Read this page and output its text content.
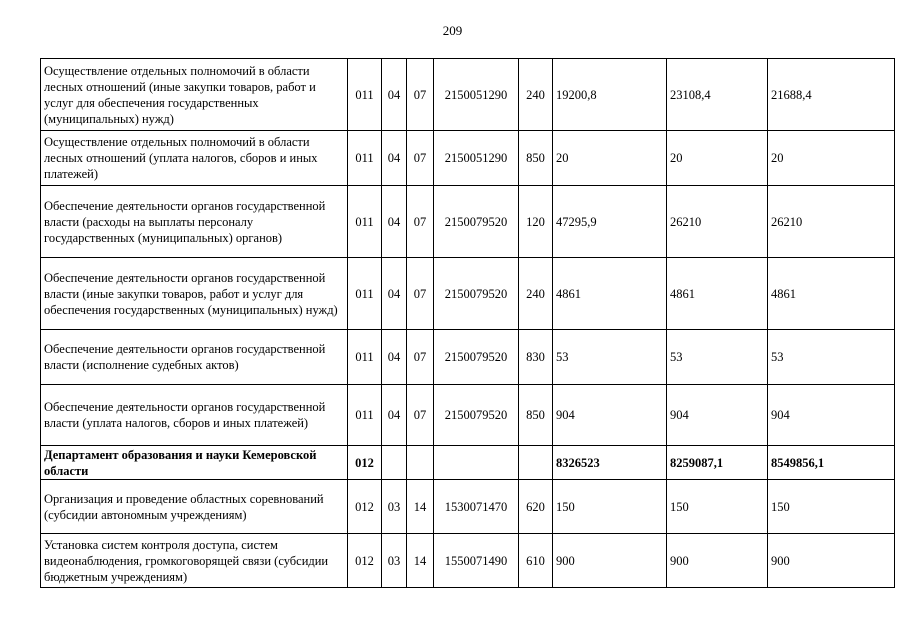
209
Осуществление отдельных полномочий в области лесных отношений (иные закупки товаров, работ и услуг для обеспечения государственных (муниципальных) нужд)	011	04	07	2150051290	240	19200,8	23108,4	21688,4
Осуществление отдельных полномочий в области лесных отношений (уплата налогов, сборов и иных платежей)	011	04	07	2150051290	850	20	20	20
Обеспечение деятельности органов государственной власти (расходы на выплаты персоналу государственных (муниципальных) органов)	011	04	07	2150079520	120	47295,9	26210	26210
Обеспечение деятельности органов государственной власти (иные закупки товаров, работ и услуг для обеспечения государственных (муниципальных) нужд)	011	04	07	2150079520	240	4861	4861	4861
Обеспечение деятельности органов государственной власти (исполнение судебных актов)	011	04	07	2150079520	830	53	53	53
Обеспечение деятельности органов государственной власти (уплата налогов, сборов и иных платежей)	011	04	07	2150079520	850	904	904	904
Департамент образования и науки Кемеровской области	012					8326523	8259087,1	8549856,1
Организация и проведение областных соревнований (субсидии автономным учреждениям)	012	03	14	1530071470	620	150	150	150
Установка систем контроля доступа, систем видеонаблюдения, громкоговорящей связи (субсидии бюджетным учреждениям)	012	03	14	1550071490	610	900	900	900
